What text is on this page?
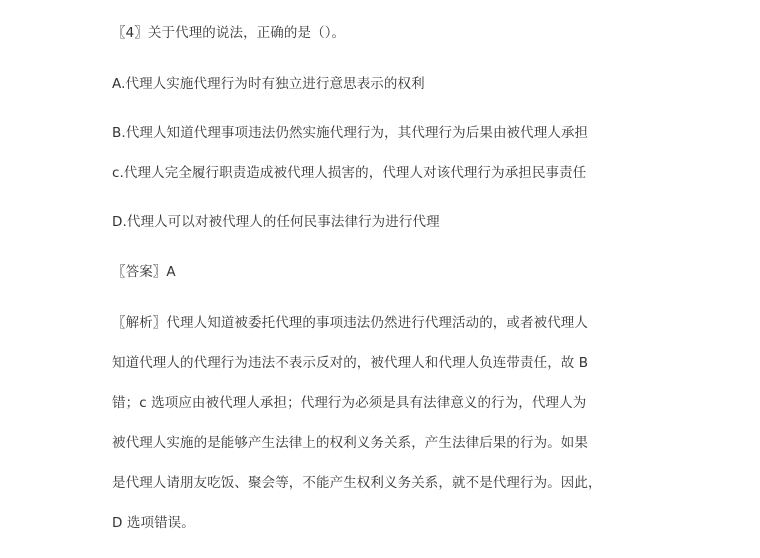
〖4〗关于代理的说法，正确的是（）。
A.代理人实施代理行为时有独立进行意思表示的权利
B.代理人知道代理事项违法仍然实施代理行为，其代理行为后果由被代理人承担
c.代理人完全履行职责造成被代理人损害的，代理人对该代理行为承担民事责任
D.代理人可以对被代理人的任何民事法律行为进行代理
〖答案〗A
〖解析〗代理人知道被委托代理的事项违法仍然进行代理活动的，或者被代理人
知道代理人的代理行为违法不表示反对的，被代理人和代理人负连带责任，故 B
错；c 选项应由被代理人承担；代理行为必须是具有法律意义的行为，代理人为
被代理人实施的是能够产生法律上的权利义务关系，产生法律后果的行为。如果
是代理人请朋友吃饭、聚会等，不能产生权利义务关系，就不是代理行为。因此，
D 选项错误。
